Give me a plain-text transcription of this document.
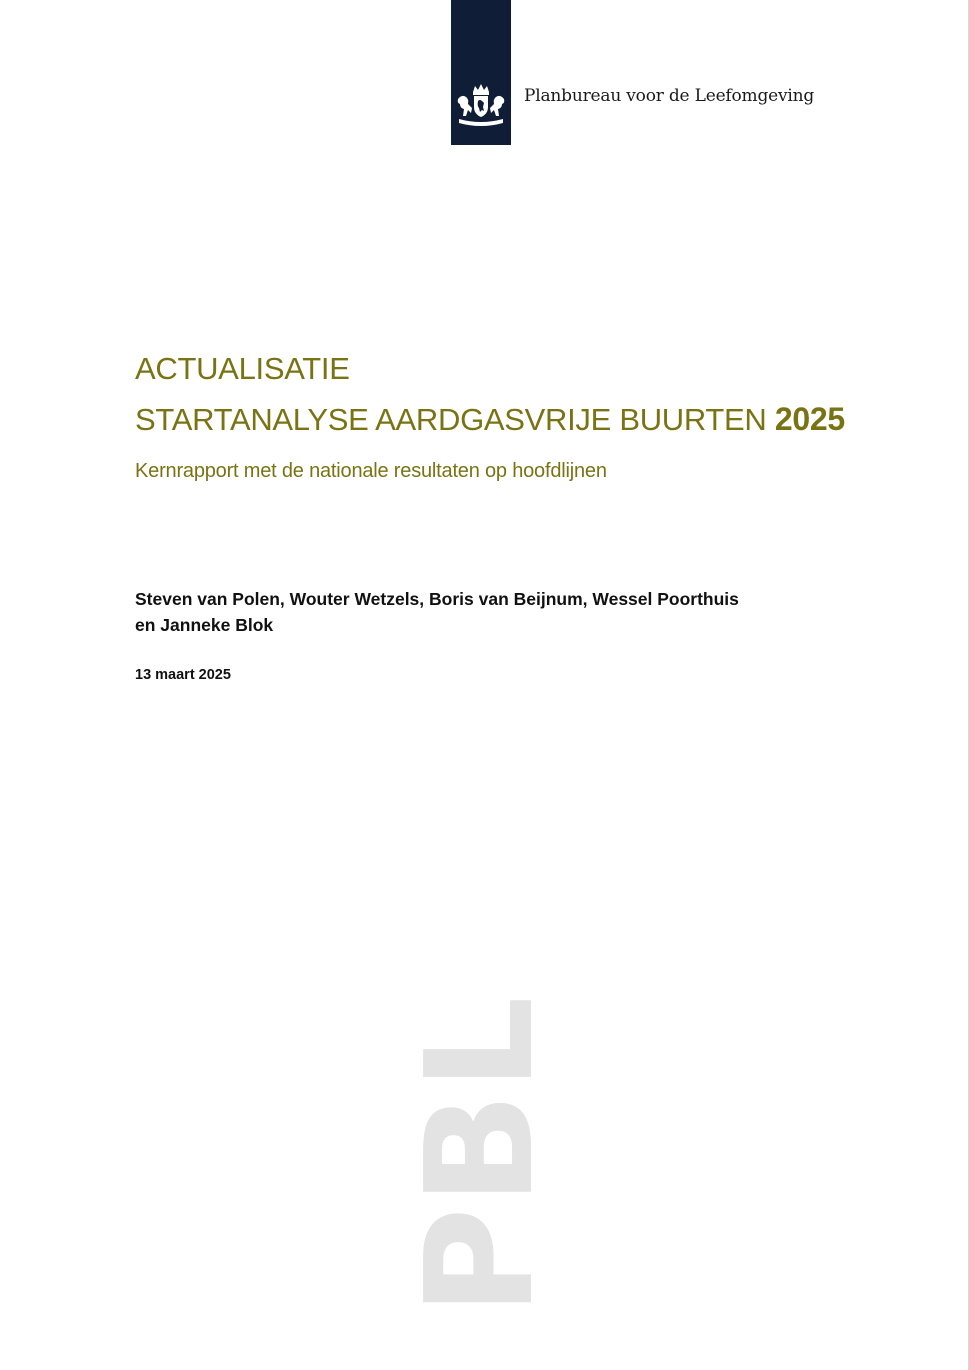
Planbureau voor de Leefomgeving
ACTUALISATIE
STARTANALYSE AARDGASVRIJE BUURTEN 2025
Kernrapport met de nationale resultaten op hoofdlijnen
Steven van Polen, Wouter Wetzels, Boris van Beijnum, Wessel Poorthuis
en Janneke Blok
13 maart 2025
PBL
